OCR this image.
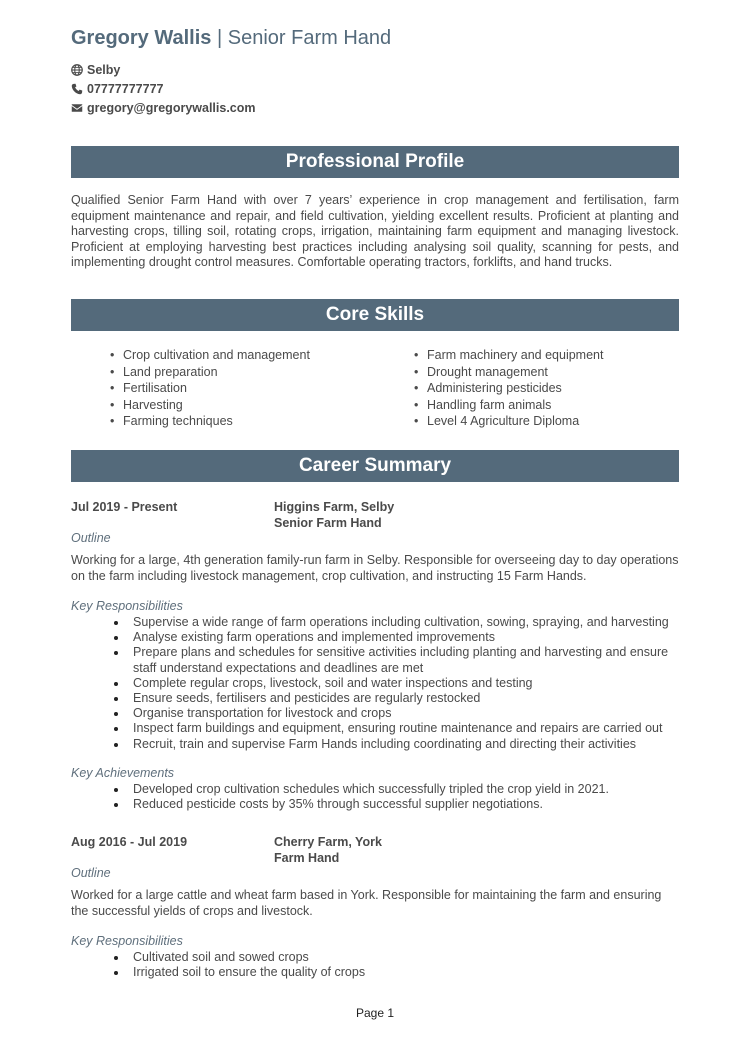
Gregory Wallis | Senior Farm Hand
Selby
07777777777
gregory@gregorywallis.com
Professional Profile
Qualified Senior Farm Hand with over 7 years’ experience in crop management and fertilisation, farm equipment maintenance and repair, and field cultivation, yielding excellent results. Proficient at planting and harvesting crops, tilling soil, rotating crops, irrigation, maintaining farm equipment and managing livestock. Proficient at employing harvesting best practices including analysing soil quality, scanning for pests, and implementing drought control measures. Comfortable operating tractors, forklifts, and hand trucks.
Core Skills
• Crop cultivation and management
• Land preparation
• Fertilisation
• Harvesting
• Farming techniques
• Farm machinery and equipment
• Drought management
• Administering pesticides
• Handling farm animals
• Level 4 Agriculture Diploma
Career Summary
Jul 2019 - Present	Higgins Farm, Selby
Senior Farm Hand
Outline
Working for a large, 4th generation family-run farm in Selby. Responsible for overseeing day to day operations on the farm including livestock management, crop cultivation, and instructing 15 Farm Hands.
Key Responsibilities
Supervise a wide range of farm operations including cultivation, sowing, spraying, and harvesting
Analyse existing farm operations and implemented improvements
Prepare plans and schedules for sensitive activities including planting and harvesting and ensure staff understand expectations and deadlines are met
Complete regular crops, livestock, soil and water inspections and testing
Ensure seeds, fertilisers and pesticides are regularly restocked
Organise transportation for livestock and crops
Inspect farm buildings and equipment, ensuring routine maintenance and repairs are carried out
Recruit, train and supervise Farm Hands including coordinating and directing their activities
Key Achievements
Developed crop cultivation schedules which successfully tripled the crop yield in 2021.
Reduced pesticide costs by 35% through successful supplier negotiations.
Aug 2016 - Jul 2019	Cherry Farm, York
Farm Hand
Outline
Worked for a large cattle and wheat farm based in York. Responsible for maintaining the farm and ensuring the successful yields of crops and livestock.
Key Responsibilities
Cultivated soil and sowed crops
Irrigated soil to ensure the quality of crops
Page 1
